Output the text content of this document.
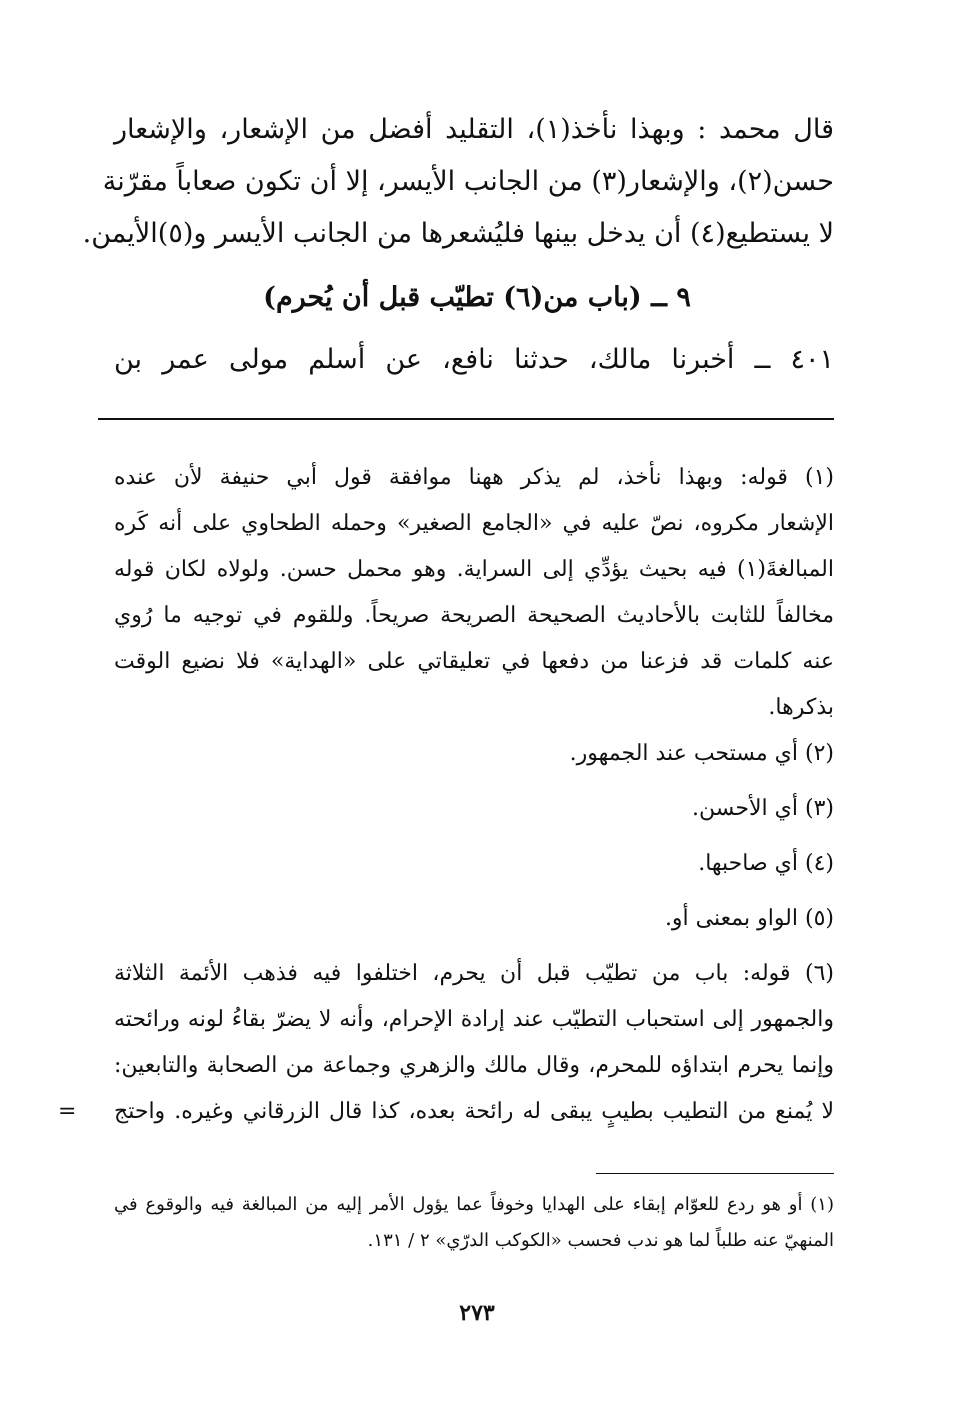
قال محمد : وبهذا نأخذ(١)، التقليد أفضل من الإشعار، والإشعار
حسن(٢)، والإشعار(٣) من الجانب الأيسر، إلا أن تكون صعاباً مقرّنة
لا يستطيع(٤) أن يدخل بينها فليُشعرها من الجانب الأيسر و(٥)الأيمن.
٩ ــ (باب من(٦) تطيّب قبل أن يُحرم)
٤٠١ ــ أخبرنا مالك، حدثنا نافع، عن أسلم مولى عمر بن
(١) قوله: وبهذا نأخذ، لم يذكر ههنا موافقة قول أبي حنيفة لأن عنده
الإشعار مكروه، نصّ عليه في «الجامع الصغير» وحمله الطحاوي على أنه كَره
المبالغةَ(١) فيه بحيث يؤدِّي إلى السراية. وهو محمل حسن. ولولاه لكان قوله
مخالفاً للثابت بالأحاديث الصحيحة الصريحة صريحاً. وللقوم في توجيه ما رُوي
عنه كلمات قد فزعنا من دفعها في تعليقاتي على «الهداية» فلا نضيع الوقت
بذكرها.
(٢) أي مستحب عند الجمهور.
(٣) أي الأحسن.
(٤) أي صاحبها.
(٥) الواو بمعنى أو.
(٦) قوله: باب من تطيّب قبل أن يحرم، اختلفوا فيه فذهب الأئمة الثلاثة
والجمهور إلى استحباب التطيّب عند إرادة الإحرام، وأنه لا يضرّ بقاءُ لونه ورائحته
وإنما يحرم ابتداؤه للمحرم، وقال مالك والزهري وجماعة من الصحابة والتابعين:
لا يُمنع من التطيب بطيبٍ يبقى له رائحة بعده، كذا قال الزرقاني وغيره. واحتج
=
(١) أو هو ردع للعوّام إبقاء على الهدايا وخوفاً عما يؤول الأمر إليه من المبالغة فيه والوقوع في
المنهيّ عنه طلباً لما هو ندب فحسب «الكوكب الدرّي» ٢ / ١٣١.
٢٧٣
